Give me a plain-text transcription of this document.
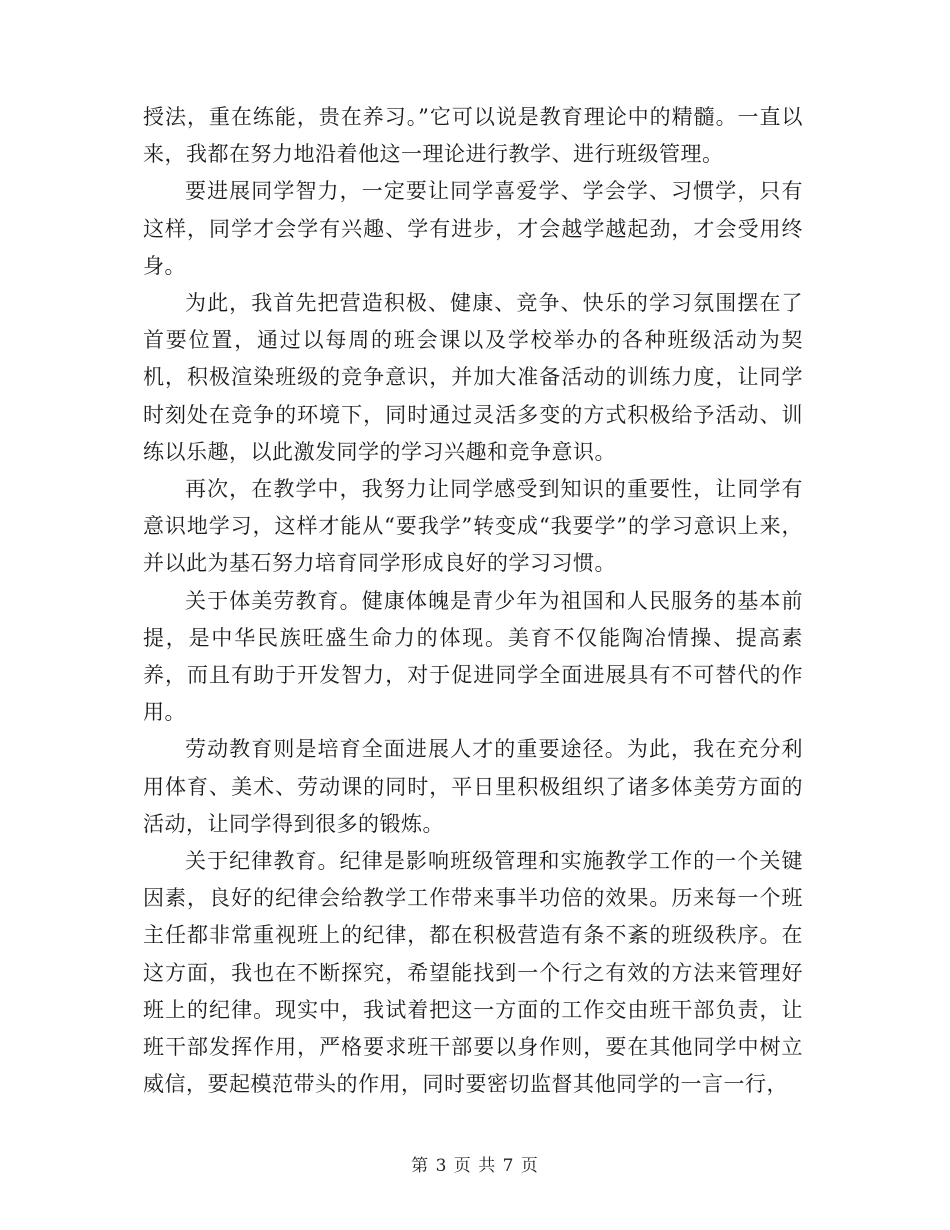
授法，重在练能，贵在养习。”它可以说是教育理论中的精髓。一直以来，我都在努力地沿着他这一理论进行教学、进行班级管理。

要进展同学智力，一定要让同学喜爱学、学会学、习惯学，只有这样，同学才会学有兴趣、学有进步，才会越学越起劲，才会受用终身。

为此，我首先把营造积极、健康、竞争、快乐的学习氛围摆在了首要位置，通过以每周的班会课以及学校举办的各种班级活动为契机，积极渲染班级的竞争意识，并加大准备活动的训练力度，让同学时刻处在竞争的环境下，同时通过灵活多变的方式积极给予活动、训练以乐趣，以此激发同学的学习兴趣和竞争意识。

再次，在教学中，我努力让同学感受到知识的重要性，让同学有意识地学习，这样才能从“要我学”转变成“我要学”的学习意识上来，并以此为基石努力培育同学形成良好的学习习惯。

关于体美劳教育。健康体魄是青少年为祖国和人民服务的基本前提，是中华民族旺盛生命力的体现。美育不仅能陶冶情操、提高素养，而且有助于开发智力，对于促进同学全面进展具有不可替代的作用。

劳动教育则是培育全面进展人才的重要途径。为此，我在充分利用体育、美术、劳动课的同时，平日里积极组织了诸多体美劳方面的活动，让同学得到很多的锻炼。

关于纪律教育。纪律是影响班级管理和实施教学工作的一个关键因素，良好的纪律会给教学工作带来事半功倍的效果。历来每一个班主任都非常重视班上的纪律，都在积极营造有条不紊的班级秩序。在这方面，我也在不断探究，希望能找到一个行之有效的方法来管理好班上的纪律。现实中，我试着把这一方面的工作交由班干部负责，让班干部发挥作用，严格要求班干部要以身作则，要在其他同学中树立威信，要起模范带头的作用，同时要密切监督其他同学的一言一行，

第 3 页 共 7 页
